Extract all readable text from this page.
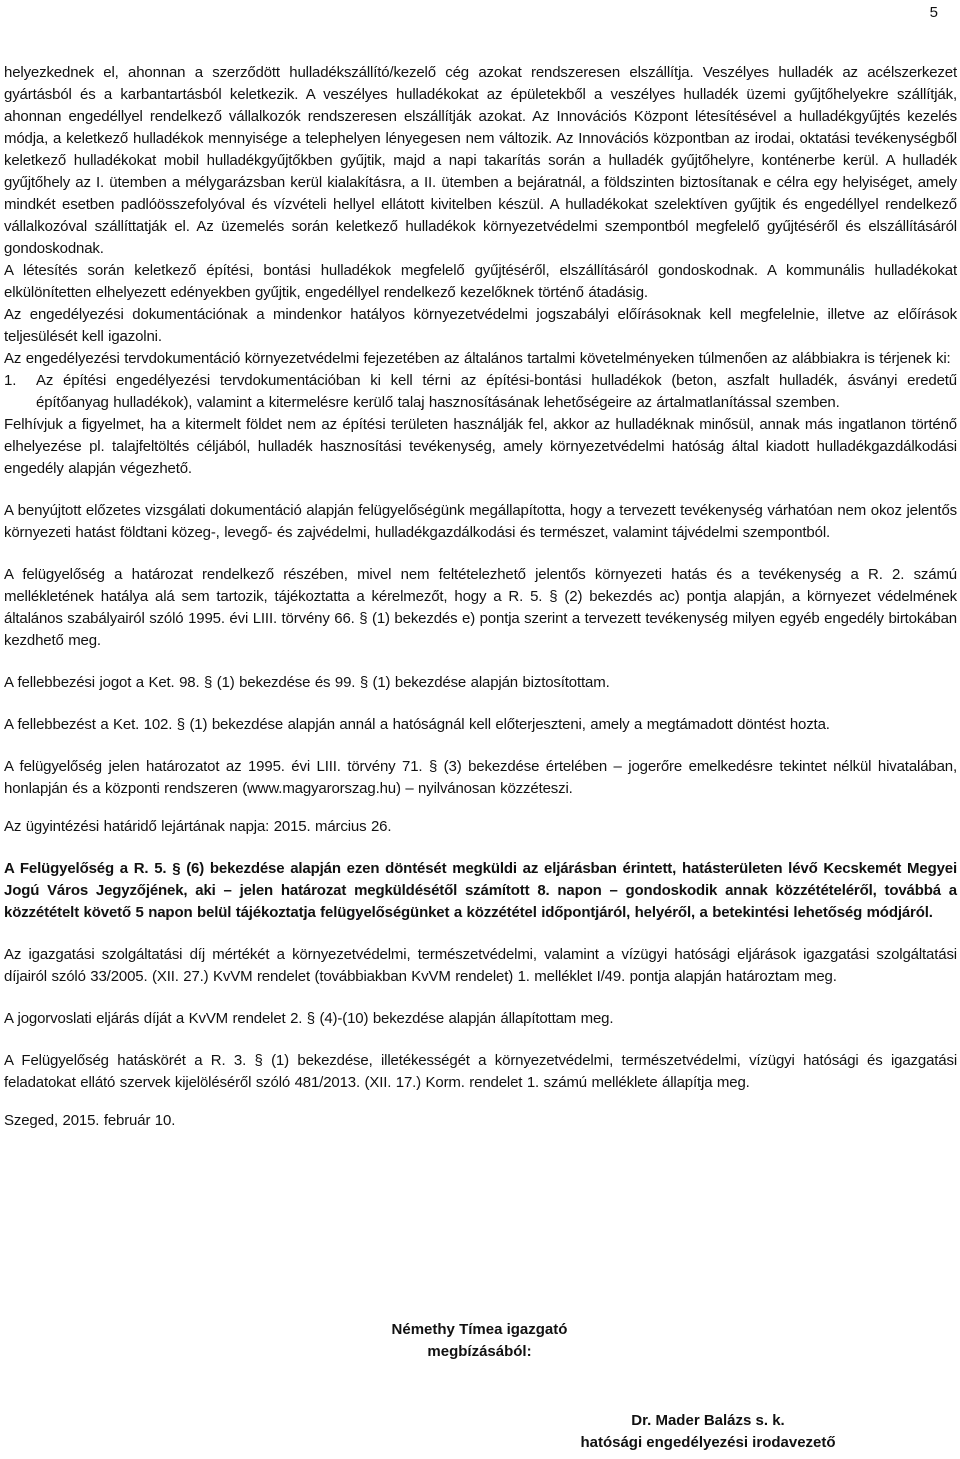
5

helyezkednek el, ahonnan a szerződött hulladékszállító/kezelő cég azokat rendszeresen elszállítja. Veszélyes hulladék az acélszerkezet gyártásból és a karbantartásból keletkezik. A veszélyes hulladékokat az épületekből a veszélyes hulladék üzemi gyűjtőhelyekre szállítják, ahonnan engedéllyel rendelkező vállalkozók rendszeresen elszállítják azokat. Az Innovációs Központ létesítésével a hulladékgyűjtés kezelés módja, a keletkező hulladékok mennyisége a telephelyen lényegesen nem változik. Az Innovációs központban az irodai, oktatási tevékenységből keletkező hulladékokat mobil hulladékgyűjtőkben gyűjtik, majd a napi takarítás során a hulladék gyűjtőhelyre, konténerbe kerül. A hulladék gyűjtőhely az I. ütemben a mélygarázsban kerül kialakításra, a II. ütemben a bejáratnál, a földszinten biztosítanak e célra egy helyiséget, amely mindkét esetben padlóösszefolyóval és vízvételi hellyel ellátott kivitelben készül. A hulladékokat szelektíven gyűjtik és engedéllyel rendelkező vállalkozóval szállíttatják el. Az üzemelés során keletkező hulladékok környezetvédelmi szempontból megfelelő gyűjtéséről és elszállításáról gondoskodnak.

A létesítés során keletkező építési, bontási hulladékok megfelelő gyűjtéséről, elszállításáról gondoskodnak. A kommunális hulladékokat elkülönítetten elhelyezett edényekben gyűjtik, engedéllyel rendelkező kezelőknek történő átadásig.

Az engedélyezési dokumentációnak a mindenkor hatályos környezetvédelmi jogszabályi előírásoknak kell megfelelnie, illetve az előírások teljesülését kell igazolni.

Az engedélyezési tervdokumentáció környezetvédelmi fejezetében az általános tartalmi követelményeken túlmenően az alábbiakra is térjenek ki:

1.	Az építési engedélyezési tervdokumentációban ki kell térni az építési-bontási hulladékok (beton, aszfalt hulladék, ásványi eredetű építőanyag hulladékok), valamint a kitermelésre kerülő talaj hasznosításának lehetőségeire az ártalmatlanítással szemben.

Felhívjuk a figyelmet, ha a kitermelt földet nem az építési területen használják fel, akkor az hulladéknak minősül, annak más ingatlanon történő elhelyezése pl. talajfeltöltés céljából, hulladék hasznosítási tevékenység, amely környezetvédelmi hatóság által kiadott hulladékgazdálkodási engedély alapján végezhető.

A benyújtott előzetes vizsgálati dokumentáció alapján felügyelőségünk megállapította, hogy a tervezett tevékenység várhatóan nem okoz jelentős környezeti hatást földtani közeg-, levegő- és zajvédelmi, hulladékgazdálkodási és természet, valamint tájvédelmi szempontból.

A felügyelőség a határozat rendelkező részében, mivel nem feltételezhető jelentős környezeti hatás és a tevékenység a R. 2. számú mellékletének hatálya alá sem tartozik, tájékoztatta a kérelmezőt, hogy a R. 5. § (2) bekezdés ac) pontja alapján, a környezet védelmének általános szabályairól szóló 1995. évi LIII. törvény 66. § (1) bekezdés e) pontja szerint a tervezett tevékenység milyen egyéb engedély birtokában kezdhető meg.

A fellebbezési jogot a Ket. 98. § (1) bekezdése és 99. § (1) bekezdése alapján biztosítottam.

A fellebbezést a Ket. 102. § (1) bekezdése alapján annál a hatóságnál kell előterjeszteni, amely a megtámadott döntést hozta.

A felügyelőség jelen határozatot az 1995. évi LIII. törvény 71. § (3) bekezdése értelében – jogerőre emelkedésre tekintet nélkül hivatalában, honlapján és a központi rendszeren (www.magyarorszag.hu) – nyilvánosan közzéteszi.

Az ügyintézési határidő lejártának napja: 2015. március 26.

A Felügyelőség a R. 5. § (6) bekezdése alapján ezen döntését megküldi az eljárásban érintett, hatásterületen lévő Kecskemét Megyei Jogú Város Jegyzőjének, aki – jelen határozat megküldésétől számított 8. napon – gondoskodik annak közzétételéről, továbbá a közzétételt követő 5 napon belül tájékoztatja felügyelőségünket a közzététel időpontjáról, helyéről, a betekintési lehetőség módjáról.

Az igazgatási szolgáltatási díj mértékét a környezetvédelmi, természetvédelmi, valamint a vízügyi hatósági eljárások igazgatási szolgáltatási díjairól szóló 33/2005. (XII. 27.) KvVM rendelet (továbbiakban KvVM rendelet) 1. melléklet I/49. pontja alapján határoztam meg.

A jogorvoslati eljárás díját a KvVM rendelet 2. § (4)-(10) bekezdése alapján állapítottam meg.

A Felügyelőség hatáskörét a R. 3. § (1) bekezdése, illetékességét a környezetvédelmi, természetvédelmi, vízügyi hatósági és igazgatási feladatokat ellátó szervek kijelöléséről szóló 481/2013. (XII. 17.) Korm. rendelet 1. számú melléklete állapítja meg.

Szeged, 2015. február 10.

Némethy Tímea igazgató
megbízásából:
Dr. Mader Balázs s. k.
hatósági engedélyezési irodavezető
